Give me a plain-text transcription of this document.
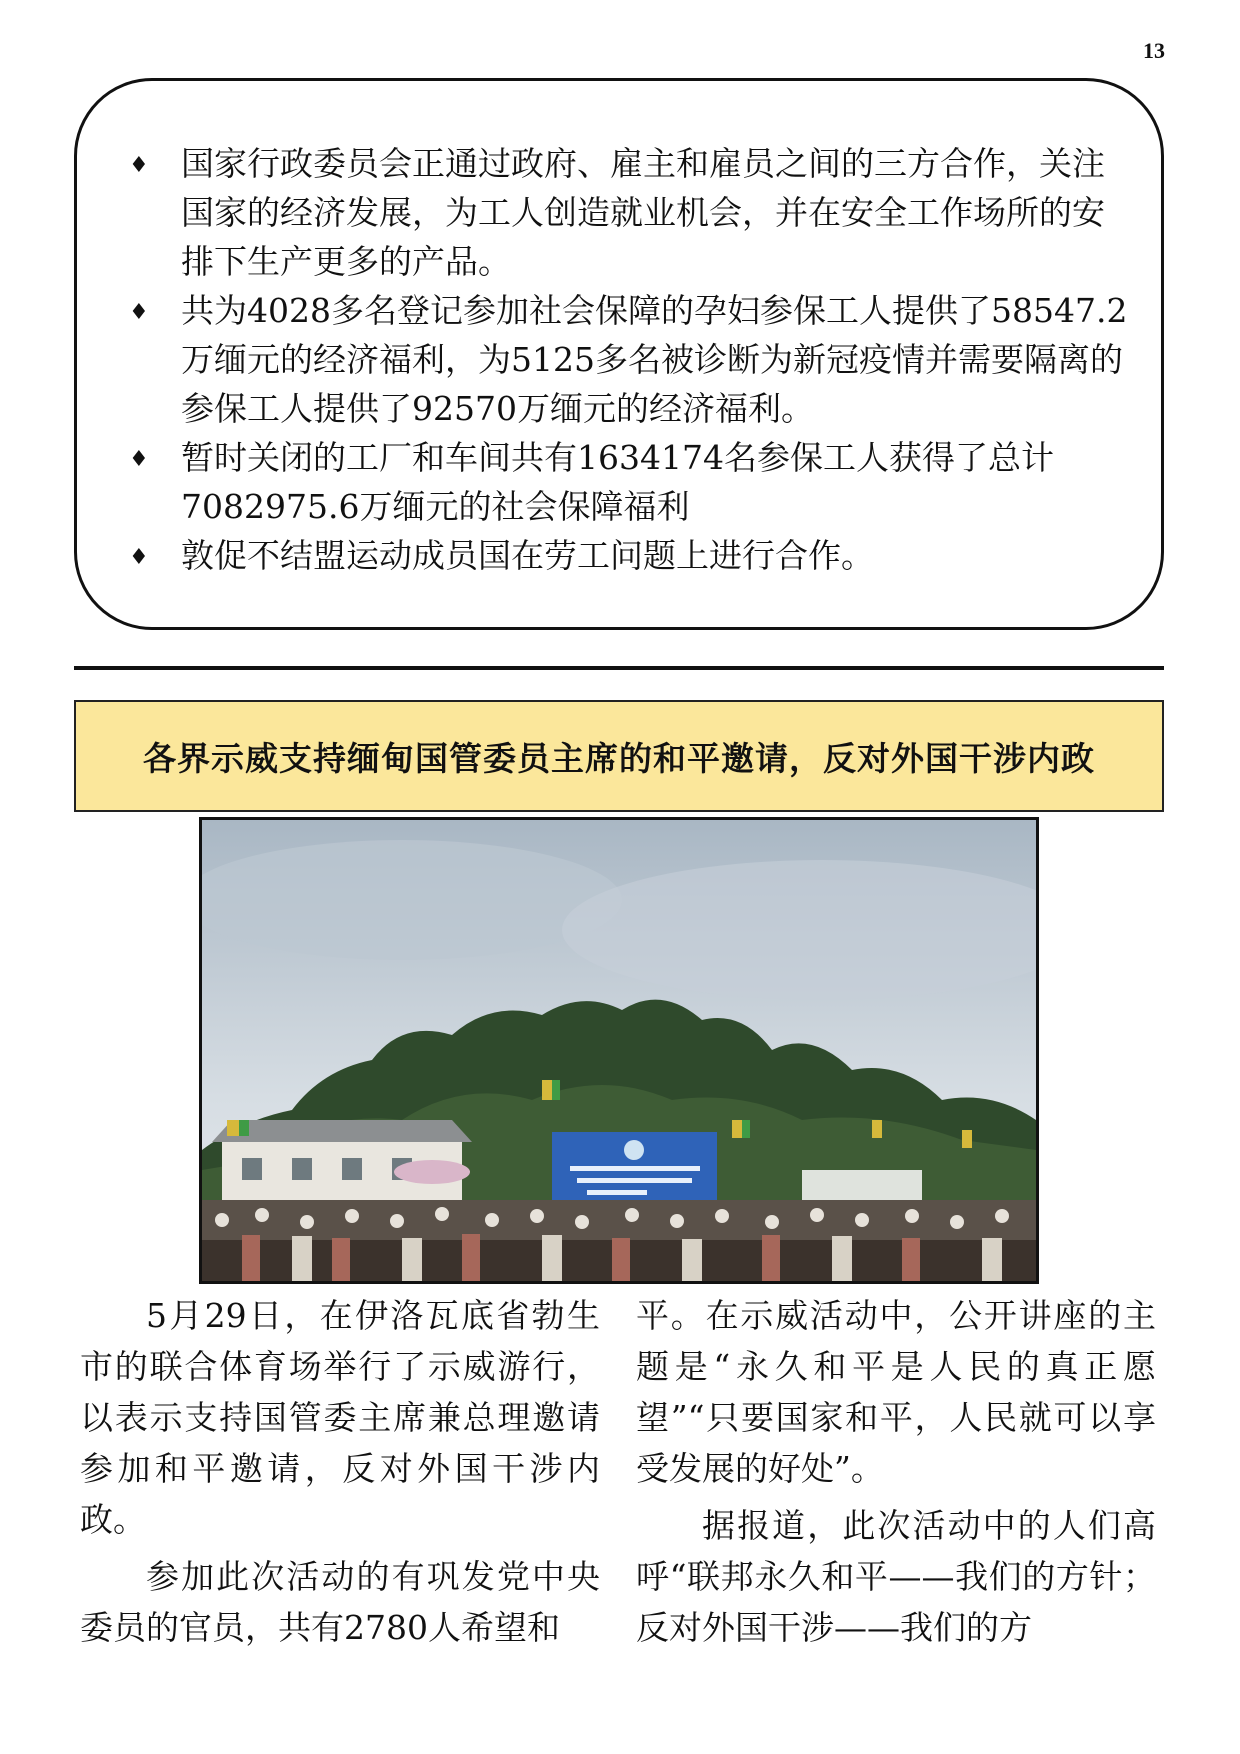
13
♦ 国家行政委员会正通过政府、雇主和雇员之间的三方合作，关注国家的经济发展，为工人创造就业机会，并在安全工作场所的安排下生产更多的产品。
♦ 共为4028多名登记参加社会保障的孕妇参保工人提供了58547.2万缅元的经济福利，为5125多名被诊断为新冠疫情并需要隔离的参保工人提供了92570万缅元的经济福利。
♦ 暂时关闭的工厂和车间共有1634174名参保工人获得了总计7082975.6万缅元的社会保障福利
♦ 敦促不结盟运动成员国在劳工问题上进行合作。
各界示威支持缅甸国管委员主席的和平邀请，反对外国干涉内政

5月29日，在伊洛瓦底省勃生市的联合体育场举行了示威游行，以表示支持国管委主席兼总理邀请参加和平邀请，反对外国干涉内政。

参加此次活动的有巩发党中央委员的官员，共有2780人希望和

平。在示威活动中，公开讲座的主题是“永久和平是人民的真正愿望”“只要国家和平，人民就可以享受发展的好处”。

据报道，此次活动中的人们高呼“联邦永久和平——我们的方针；反对外国干涉——我们的方
